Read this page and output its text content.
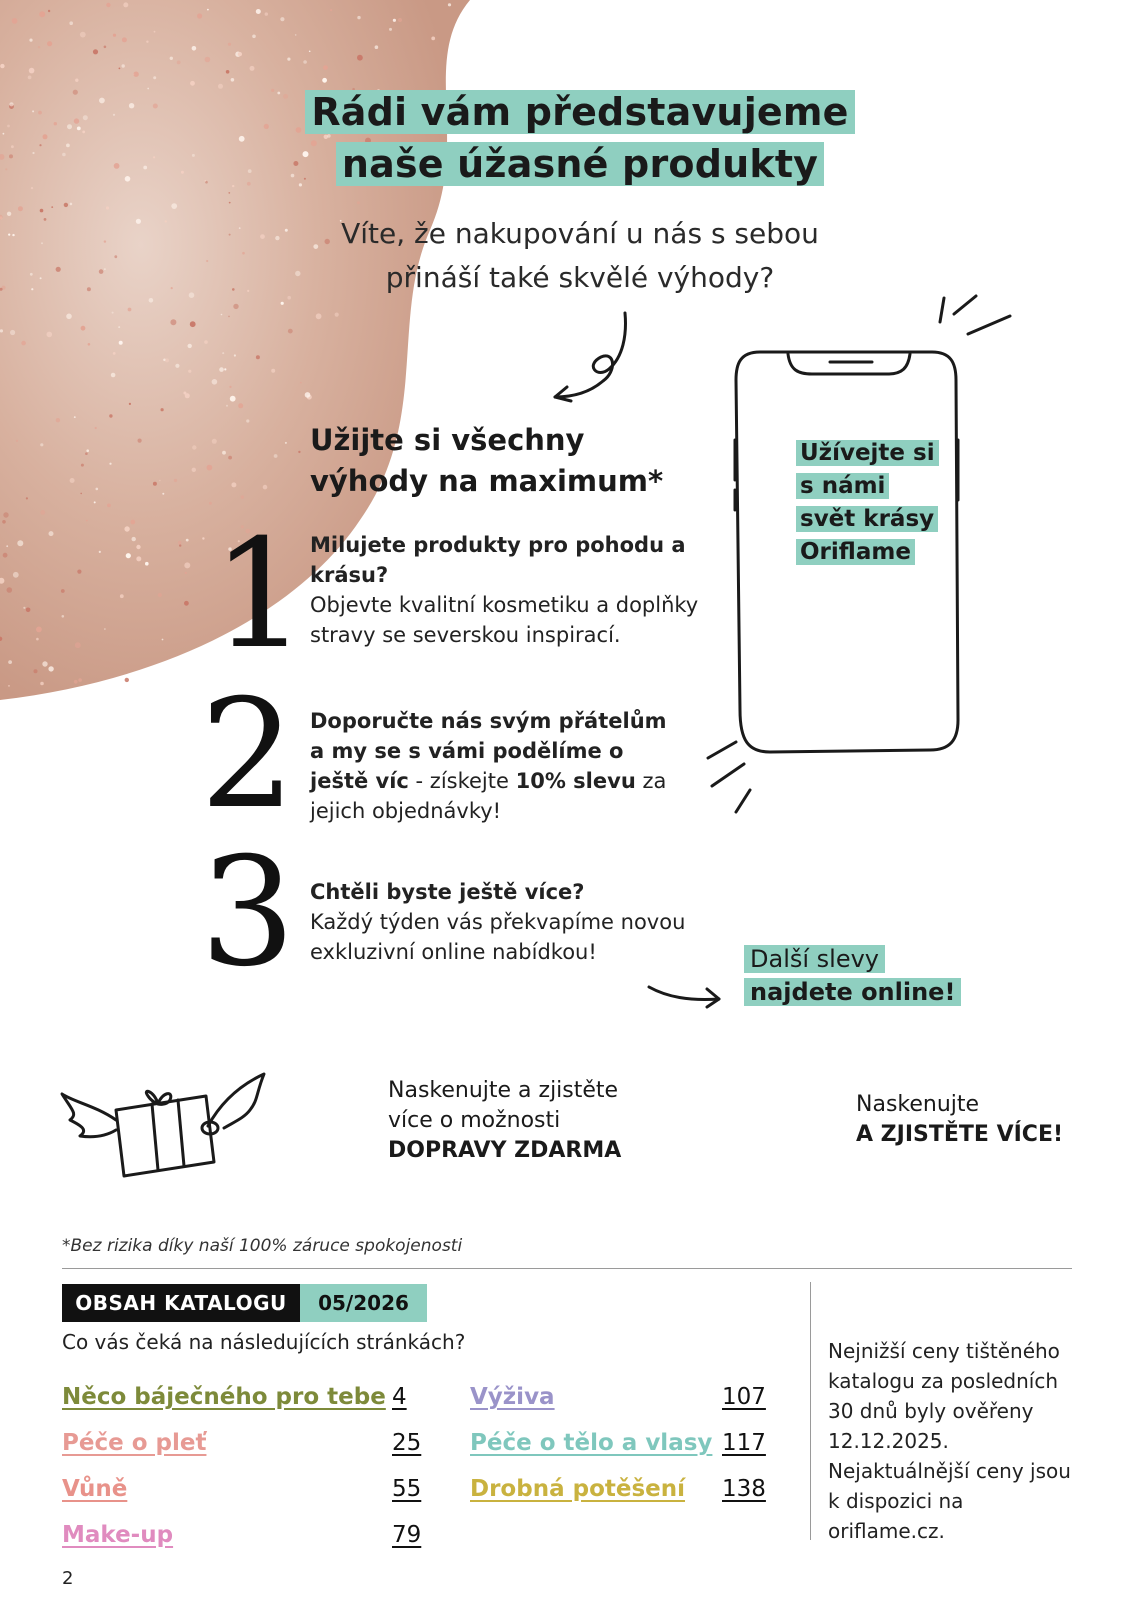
Rádi vám představujeme
naše úžasné produkty
Víte, že nakupování u nás s sebou
přináší také skvělé výhody?
Užijte si všechny
výhody na maximum*
1 Milujete produkty pro pohodu a krásu?
Objevte kvalitní kosmetiku a doplňky stravy se severskou inspirací.
2 Doporučte nás svým přátelům a my se s vámi podělíme o ještě víc - získejte 10% slevu za jejich objednávky!
3 Chtěli byste ještě více?
Každý týden vás překvapíme novou exkluzivní online nabídkou!
Užívejte si
s námi
svět krásy
Oriflame
Další slevy
najdete online!
Naskenujte a zjistěte
více o možnosti
DOPRAVY ZDARMA
Naskenujte
A ZJISTĚTE VÍCE!
*Bez rizika díky naší 100% záruce spokojenosti
OBSAH KATALOGU	05/2026
Co vás čeká na následujících stránkách?
Něco báječného pro tebe 4
Péče o pleť	25
Vůně	55
Make-up	79
Výživa	107
Péče o tělo a vlasy 117
Drobná potěšení 138
Nejnižší ceny tištěného katalogu za posledních 30 dnů byly ověřeny 12.12.2025. Nejaktuálnější ceny jsou k dispozici na oriflame.cz.
2
